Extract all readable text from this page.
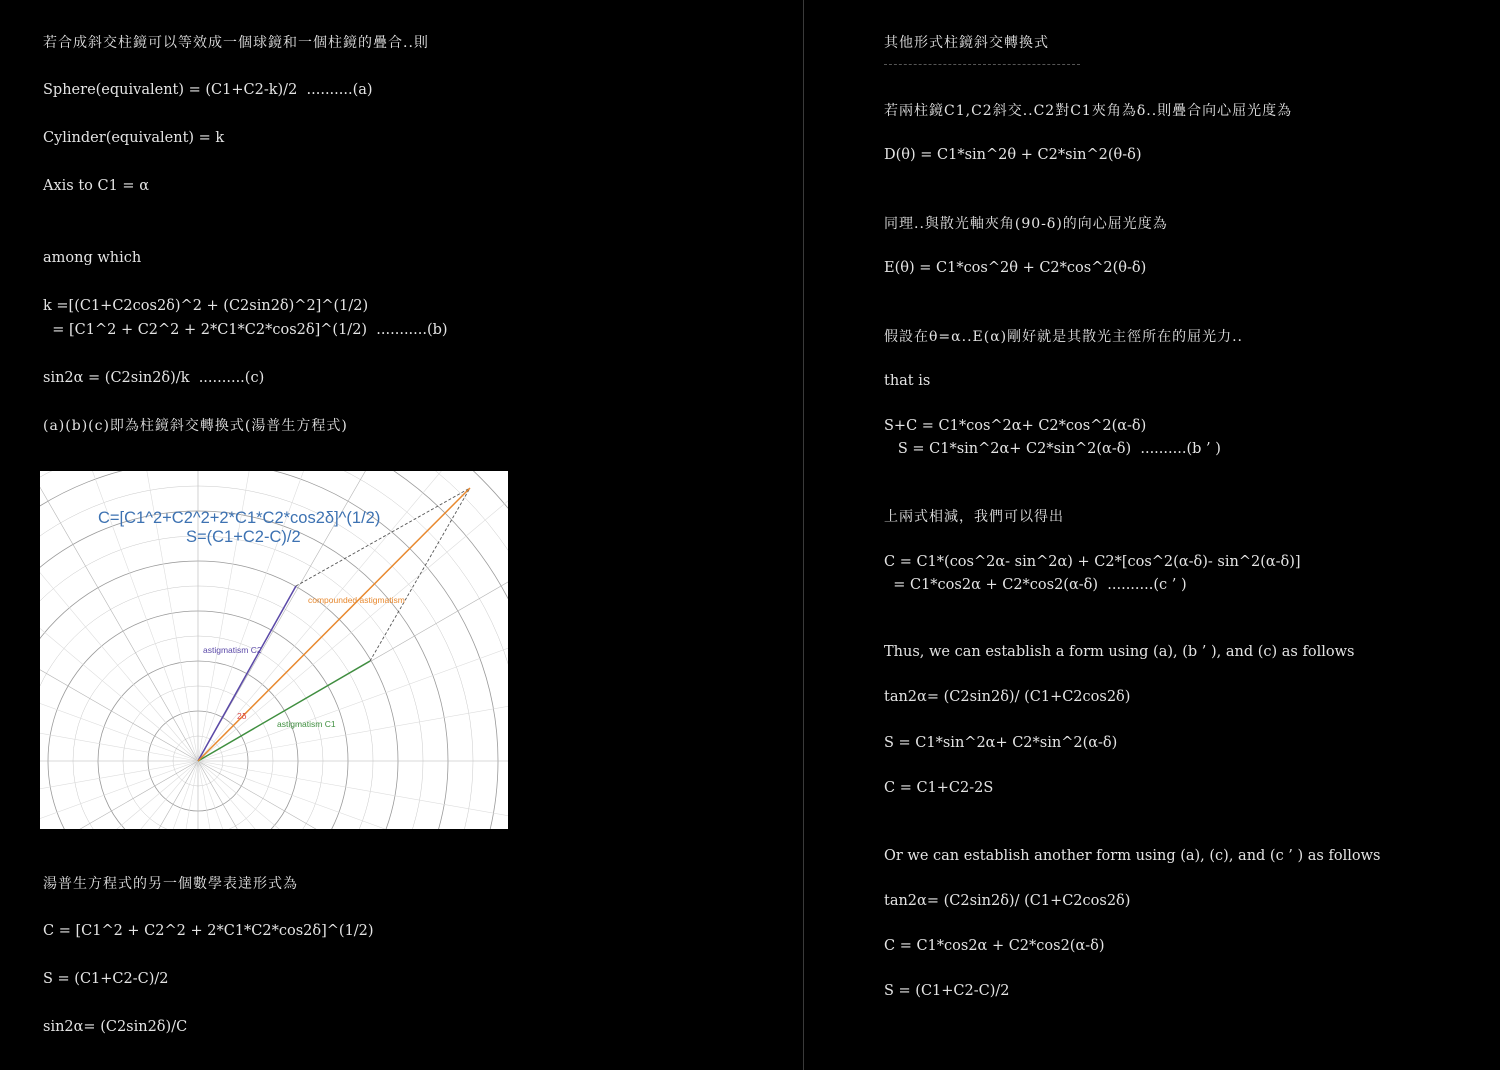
若合成斜交柱鏡可以等效成一個球鏡和一個柱鏡的疊合..則
Sphere(equivalent) = (C1+C2-k)/2  ..........(a)
Cylinder(equivalent) = k
Axis to C1 = α
among which
k =[(C1+C2cos2δ)^2 + (C2sin2δ)^2]^(1/2)
= [C1^2 + C2^2 + 2*C1*C2*cos2δ]^(1/2)  ...........(b)
sin2α = (C2sin2δ)/k  ..........(c)
(a)(b)(c)即為柱鏡斜交轉換式(湯普生方程式)
C=[C1^2+C2^2+2*C1*C2*cos2δ]^(1/2)
S=(C1+C2-C)/2
compounded astigmatism
astigmatism C2
astigmatism C1
2δ
湯普生方程式的另一個數學表達形式為
C = [C1^2 + C2^2 + 2*C1*C2*cos2δ]^(1/2)
S = (C1+C2-C)/2
sin2α= (C2sin2δ)/C
其他形式柱鏡斜交轉換式
若兩柱鏡C1,C2斜交..C2對C1夾角為δ..則疊合向心屈光度為
D(θ) = C1*sin^2θ + C2*sin^2(θ-δ)
同理..與散光軸夾角(90-δ)的向心屈光度為
E(θ) = C1*cos^2θ + C2*cos^2(θ-δ)
假設在θ=α..E(α)剛好就是其散光主徑所在的屈光力..
that is
S+C = C1*cos^2α+ C2*cos^2(α-δ)
S = C1*sin^2α+ C2*sin^2(α-δ)  ..........(b ’ )
上兩式相減，我們可以得出
C = C1*(cos^2α- sin^2α) + C2*[cos^2(α-δ)- sin^2(α-δ)]
= C1*cos2α + C2*cos2(α-δ)  ..........(c ’ )
Thus, we can establish a form using (a), (b ’ ), and (c) as follows
tan2α= (C2sin2δ)/ (C1+C2cos2δ)
S = C1*sin^2α+ C2*sin^2(α-δ)
C = C1+C2-2S
Or we can establish another form using (a), (c), and (c ’ ) as follows
tan2α= (C2sin2δ)/ (C1+C2cos2δ)
C = C1*cos2α + C2*cos2(α-δ)
S = (C1+C2-C)/2
